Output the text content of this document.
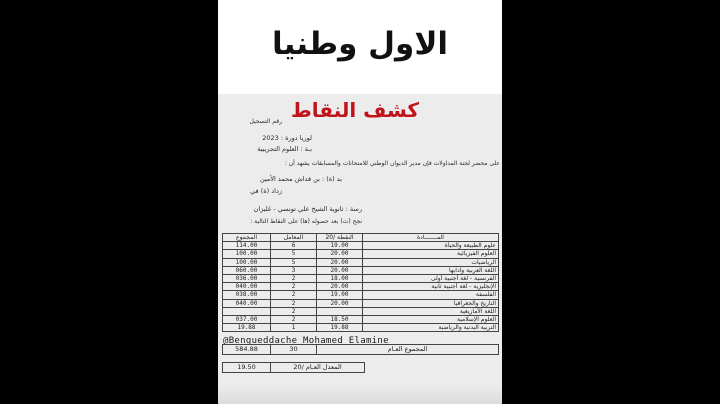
الاول وطنيا
كشف النقاط
رقم التسجيل
لوريا دورة : 2023
بـة : العلوم التجريبية
على محضر لجنة المداولات فإن مدير الديوان الوطني للامتحانات والمسابقات يشهد أن :
بد (ة) : بن قداش محمد الأمين
زداد (ة) في
رسة : ثانوية الشيخ علي تونسي - غليزان
نجح (ت) بعد حصوله (ها) على النقاط التالية :
المجموع	المعامل	النقطة /20	المـــــــادة
114.00	6	19.00	علوم الطبيعة والحياة
100.00	5	20.00	العلوم الفيزيائية
100.00	5	20.00	الرياضيات
060.00	3	20.00	اللغة العربية وآدابها
036.00	2	18.00	الفرنسية - لغة أجنبية أولى
040.00	2	20.00	الإنجليزية - لغة أجنبية ثانية
038.00	2	19.00	الفلسفة
040.00	2	20.00	التاريخ والجغرافيا
	2		اللغة الأمازيغية
037.00	2	18.50	العلوم الإسلامية
19.88	1	19.88	التربية البدنية والرياضية
@Bengueddache Mohamed Elamine
584.88	30	المجموع العـام
19.50	المعدل العـام /20	
